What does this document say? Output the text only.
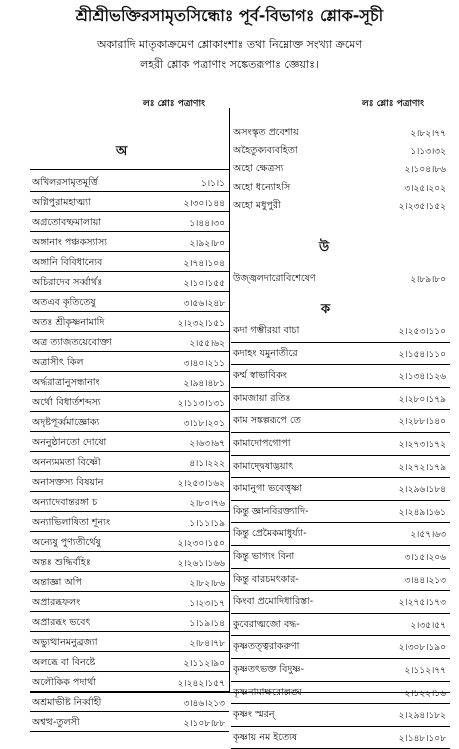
শ্রীশ্রীভক্তিরসামৃতসিন্ধোঃ পূর্ব-বিভাগঃ শ্লোক-সূচী
অকারাদি মাতৃকাক্রমেণ শ্লোকাংশাঃ তথা নিম্নোক্ত সংখ্যা ক্রমেণ
লহরী শ্লোক পত্রাণাং সঙ্কেতরূপাঃ জ্ঞেয়াঃ।
লঃ শ্লোঃ পত্রাণাং	লঃ শ্লোঃ পত্রাণাং
অ
উ
ক
অখিলরসামৃতমূর্ত্তি	১।১।১
অগ্নিপুরামহাত্ম্যা	২।৩০।১৪৪
অগ্রতোবষ্ফমালায়া	১।৪৪।৩০
অঙ্গানাং পঞ্চকস্যাস্য	২।৯২।৮০
অঙ্গানি বিবিধান্যেব	২।৭৪।১০৪
অচিরাদেব সর্ব্বার্থঃ	২।১০।১৫৫
অতএব কৃতিতেষু	৩।৫৬।২৪৮
অতঃ শ্রীকৃষ্ণনামাদি	২।২৩২।১৫১
অত্র ত্যাজতয়েবোক্তা	২।৫৫।৬২
অত্রাসীৎ কিল	৩।৪০।২১১
অর্দ্ধরাত্রানুসন্ধানাং	২।৯৪।৪৮১
অর্থো বিধার্তশব্দস্য	২।১১৩।১৩১
অদৃষ্টপূর্ব্বমাজ্ঞোক্য	৩।১৮।২০১
অননুষ্ঠানতো দোষো	২।৬৩।৬৭
অনন্যমমতা বিষ্ণৌ	৪।১।২২২
অনাসক্তস্য বিষয়ান	২।২৫৩।১৬২
অন্যাদেবান্তরঙ্গা চ	২।৮০।৭৬
অন্যাভিলাষিতা শূন্যং	১।১১।১৯
অন্যেষু পুণ্যতীর্থেষু	২।২৩০।১৫০
অন্তঃ শুদ্ধির্বহিঃ	২।২৬১।১৬৬
অন্তাজ্ঞা অপি	২।৮২।৮৬
অপ্রারব্ধফলং	১।২৩।১৭
অপ্রারব্ধং ভবেৎ	১।১৯।১৪
অভ্যুত্থানমনুব্রজ্যা	২।৮৪।৭৮
অলব্ধে বা বিনষ্টে	২।১১২।৯০
অলৌকিক পদার্থা	২।২৪২।১৫৭
অশ্রমাভীষ্ট নির্ব্বাহী	৩।৪৬।২১৩
অশ্বত্থ-তুলসী	২।১০৮।৮৮
অসংস্কৃত প্রবেশায়	২।৮২।৭৭
অহৈতুক্যব্যবহিতা	১।১৩।৩২
অহো ক্ষেত্রস্য	২।১০৪।৮৬
অহো ধন্যোঽসি	৩।২৫।২০২
অহো মধুপুরী	২।২৩৫।১৫২
উজ্জ্বলদারোবিশেষেণ	২।৮৯।৮০
কদা গম্ভীরয়া বাচা	২।২৫৩।১১০
কদাহং যমুনাতীরে	২।১৫৪।১১০
কর্ম্ম স্বাভাবিকং	২।১৩৪।১২৬
কামজায়া রতিঃ	২।২৮০।১৭৯
কাম সঙ্কল্পরূপে তে	২।২৮৮।১৪০
কামাদোপগোপা	২।২৭৩।১৭২
কামাদ্দ্বেষাদ্ভয়াৎ	২।২৭২।১৭৯
কামানুগা ভবেত্তৃষ্ণা	২।২৯৬।১৮৪
কিন্তু জ্ঞানবিরক্ত্যাদি-	২।২৪৯।১৬১
কিন্তু প্রেমৈকমাধুর্য্যা-	২।৫৭।৬৩
কিন্তু ভাগ্যং বিনা	৩।১৫।২০৬
কিন্তু বারচমৎকার-	৩।৪৪।২১৩
কিংবা প্রমোদিধারিস্তা-	২।২৭৫।১৭৩
কুবেরাত্মজো বদ্ধ-	২।৩৫।৫৭
কৃষ্ণতত্ত্বরাকরুণা	২।৩০৮।১৯০
কৃষ্ণতৎভক্ত বিদুষ্ণ-	২।১১২।৭৭
কৃষ্ণনামাক্ষরোল্লঙ্ঘ	২।১২২।১৬
কৃষ্ণং স্মরন্	২।২৯৪।১৮২
কৃষ্ণায় নম ইত্যেষ	২।১৪৮।১০৮
